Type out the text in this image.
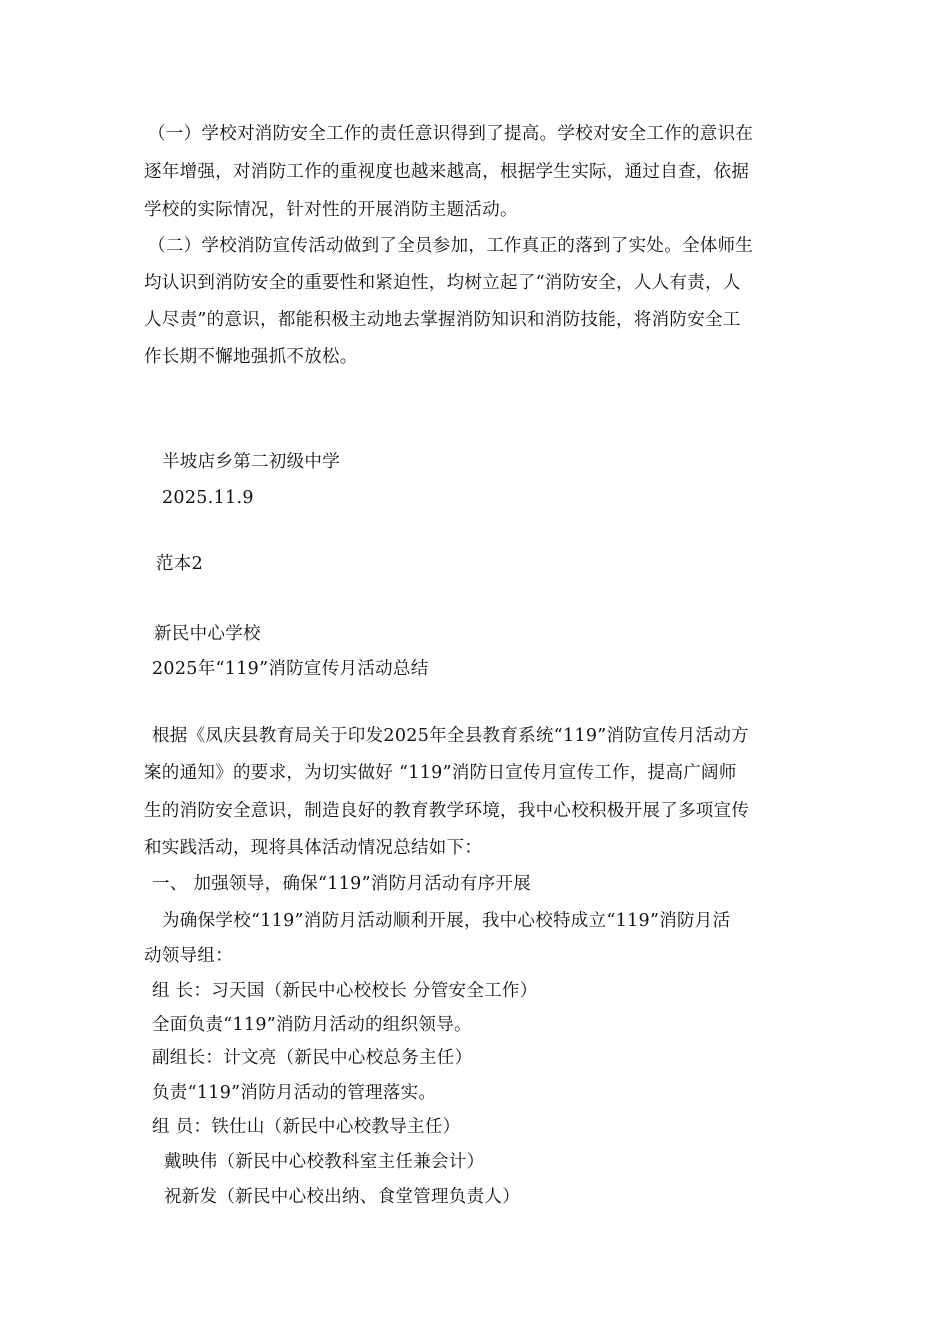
（一）学校对消防安全工作的责任意识得到了提高。学校对安全工作的意识在
逐年增强，对消防工作的重视度也越来越高，根据学生实际，通过自查，依据
学校的实际情况，针对性的开展消防主题活动。
（二）学校消防宣传活动做到了全员参加，工作真正的落到了实处。全体师生
均认识到消防安全的重要性和紧迫性，均树立起了“消防安全，人人有责，人
人尽责”的意识，都能积极主动地去掌握消防知识和消防技能，将消防安全工
作长期不懈地强抓不放松。
半坡店乡第二初级中学
2025.11.9
范本2
新民中心学校
2025年“119”消防宣传月活动总结
根据《凤庆县教育局关于印发2025年全县教育系统“119”消防宣传月活动方
案的通知》的要求，为切实做好 “119”消防日宣传月宣传工作，提高广阔师
生的消防安全意识，制造良好的教育教学环境，我中心校积极开展了多项宣传
和实践活动，现将具体活动情况总结如下：
一、 加强领导，确保“119”消防月活动有序开展
为确保学校“119”消防月活动顺利开展，我中心校特成立“119”消防月活
动领导组：
组 长：习天国（新民中心校校长 分管安全工作）
全面负责“119”消防月活动的组织领导。
副组长：计文亮（新民中心校总务主任）
负责“119”消防月活动的管理落实。
组 员：铁仕山（新民中心校教导主任）
戴映伟（新民中心校教科室主任兼会计）
祝新发（新民中心校出纳、食堂管理负责人）
